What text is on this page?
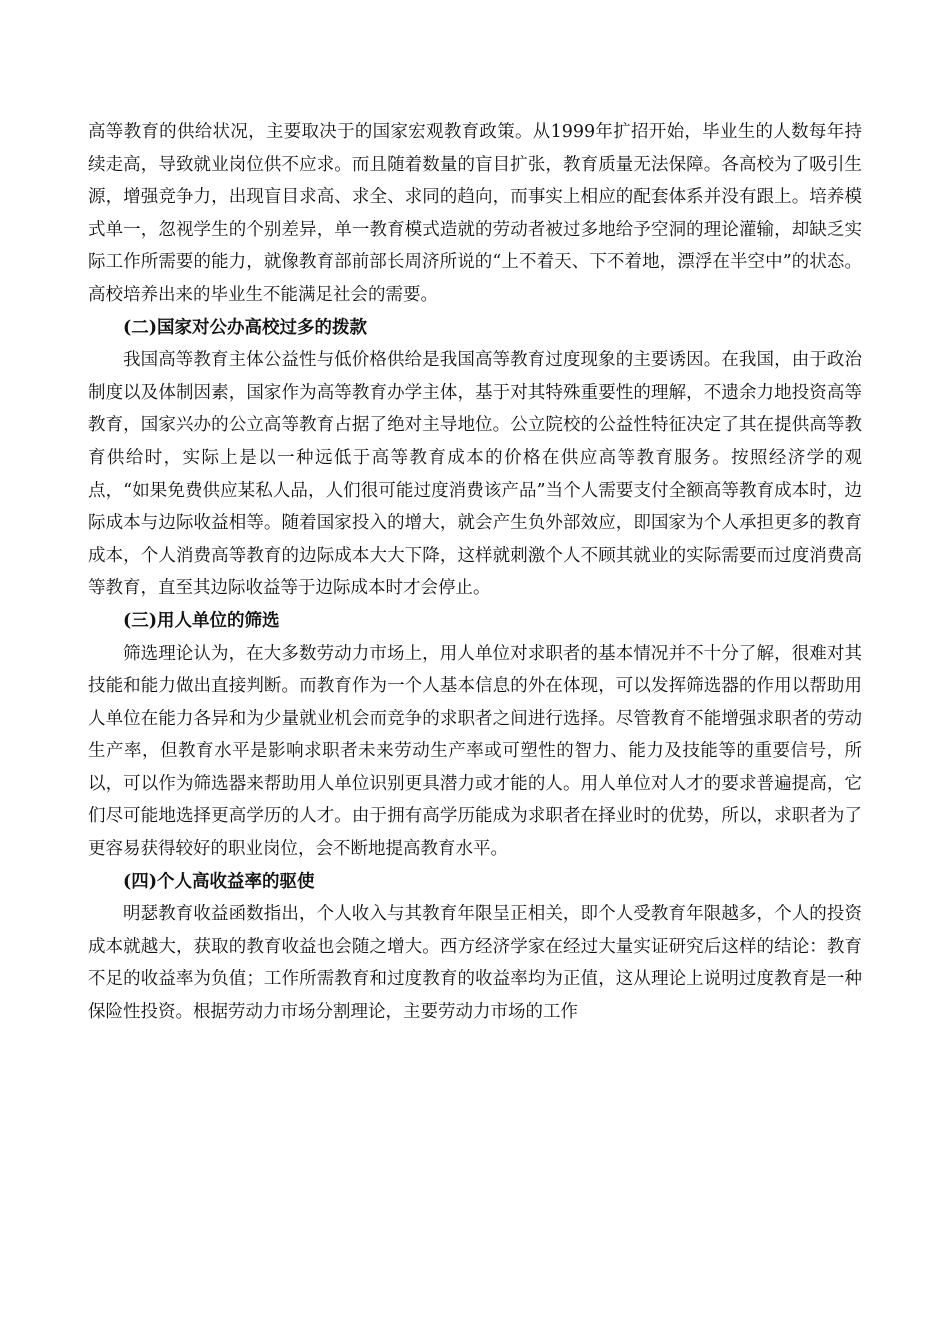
高等教育的供给状况，主要取决于的国家宏观教育政策。从1999年扩招开始，毕业生的人数每年持续走高，导致就业岗位供不应求。而且随着数量的盲目扩张，教育质量无法保障。各高校为了吸引生源，增强竞争力，出现盲目求高、求全、求同的趋向，而事实上相应的配套体系并没有跟上。培养模式单一，忽视学生的个别差异，单一教育模式造就的劳动者被过多地给予空洞的理论灌输，却缺乏实际工作所需要的能力，就像教育部前部长周济所说的“上不着天、下不着地，漂浮在半空中”的状态。高校培养出来的毕业生不能满足社会的需要。

(二)国家对公办高校过多的拨款

我国高等教育主体公益性与低价格供给是我国高等教育过度现象的主要诱因。在我国，由于政治制度以及体制因素，国家作为高等教育办学主体，基于对其特殊重要性的理解，不遗余力地投资高等教育，国家兴办的公立高等教育占据了绝对主导地位。公立院校的公益性特征决定了其在提供高等教育供给时，实际上是以一种远低于高等教育成本的价格在供应高等教育服务。按照经济学的观点，“如果免费供应某私人品，人们很可能过度消费该产品”当个人需要支付全额高等教育成本时，边际成本与边际收益相等。随着国家投入的增大，就会产生负外部效应，即国家为个人承担更多的教育成本，个人消费高等教育的边际成本大大下降，这样就刺激个人不顾其就业的实际需要而过度消费高等教育，直至其边际收益等于边际成本时才会停止。

(三)用人单位的筛选

筛选理论认为，在大多数劳动力市场上，用人单位对求职者的基本情况并不十分了解，很难对其技能和能力做出直接判断。而教育作为一个人基本信息的外在体现，可以发挥筛选器的作用以帮助用人单位在能力各异和为少量就业机会而竞争的求职者之间进行选择。尽管教育不能增强求职者的劳动生产率，但教育水平是影响求职者未来劳动生产率或可塑性的智力、能力及技能等的重要信号，所以，可以作为筛选器来帮助用人单位识别更具潜力或才能的人。用人单位对人才的要求普遍提高，它们尽可能地选择更高学历的人才。由于拥有高学历能成为求职者在择业时的优势，所以，求职者为了更容易获得较好的职业岗位，会不断地提高教育水平。

(四)个人高收益率的驱使

明瑟教育收益函数指出，个人收入与其教育年限呈正相关，即个人受教育年限越多，个人的投资成本就越大，获取的教育收益也会随之增大。西方经济学家在经过大量实证研究后这样的结论：教育不足的收益率为负值；工作所需教育和过度教育的收益率均为正值，这从理论上说明过度教育是一种保险性投资。根据劳动力市场分割理论，主要劳动力市场的工作
